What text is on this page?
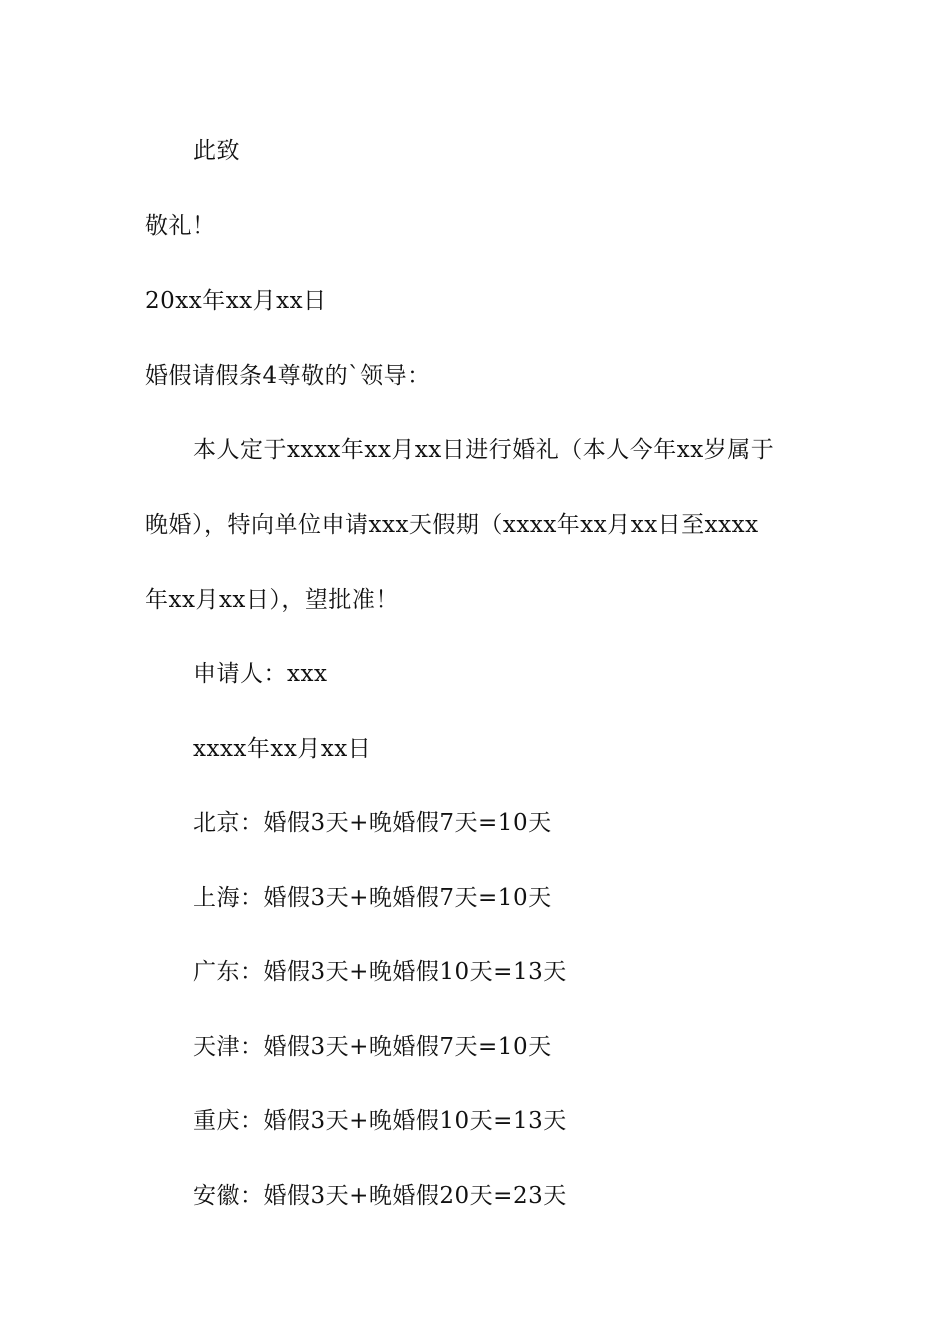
此致
敬礼！
20xx年xx月xx日
婚假请假条4尊敬的`领导：
本人定于xxxx年xx月xx日进行婚礼（本人今年xx岁属于
晚婚），特向单位申请xxx天假期（xxxx年xx月xx日至xxxx
年xx月xx日），望批准！
申请人：xxx
xxxx年xx月xx日
北京：婚假3天+晚婚假7天=10天
上海：婚假3天+晚婚假7天=10天
广东：婚假3天+晚婚假10天=13天
天津：婚假3天+晚婚假7天=10天
重庆：婚假3天+晚婚假10天=13天
安徽：婚假3天+晚婚假20天=23天
